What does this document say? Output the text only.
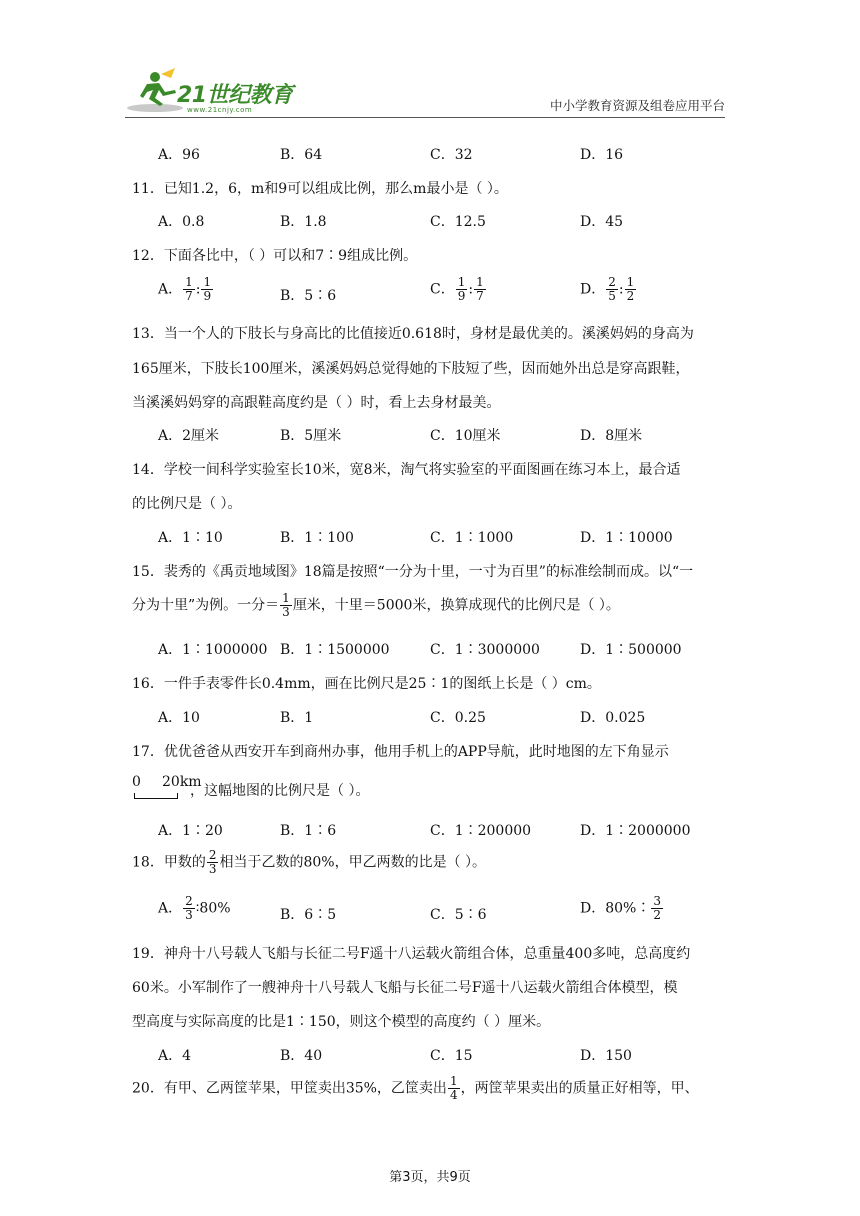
21世纪教育
www.21cnjy.com	中小学教育资源及组卷应用平台
A．96	B．64	C．32	D．16
11．已知1.2，6，m和9可以组成比例，那么m最小是（ ）。
A．0.8	B．1.8	C．12.5	D．45
12．下面各比中，（ ）可以和7∶9组成比例。
A． $\frac{1}{7}$ : $\frac{1}{9}$	B．5∶6	C． $\frac{1}{9}$ : $\frac{1}{7}$	D． $\frac{2}{5}$ : $\frac{1}{2}$
13．当一个人的下肢长与身高比的比值接近0.618时，身材是最优美的。溪溪妈妈的身高为
165厘米，下肢长100厘米，溪溪妈妈总觉得她的下肢短了些，因而她外出总是穿高跟鞋，
当溪溪妈妈穿的高跟鞋高度约是（ ）时，看上去身材最美。
A．2厘米	B．5厘米	C．10厘米	D．8厘米
14．学校一间科学实验室长10米，宽8米，淘气将实验室的平面图画在练习本上，最合适
的比例尺是（ ）。
A．1∶10	B．1∶100	C．1∶1000	D．1∶10000
15．裴秀的《禹贡地域图》18篇是按照“一分为十里，一寸为百里”的标准绘制而成。以“一
分为十里”为例。一分＝ $\frac{1}{3}$ 厘米，十里＝5000米，换算成现代的比例尺是（ ）。
A．1∶1000000 B．1∶1500000	C．1∶3000000	D．1∶500000
16．一件手表零件长0.4mm，画在比例尺是25∶1的图纸上长是（ ）cm。
A．10	B．1	C．0.25	D．0.025
17．优优爸爸从西安开车到商州办事，他用手机上的APP导航，此时地图的左下角显示
0 20km
，这幅地图的比例尺是（ ）。
A．1∶20	B．1∶6	C．1∶200000	D．1∶2000000
18．甲数的 $\frac{2}{3}$ 相当于乙数的80%，甲乙两数的比是（ ）。
A． $\frac{2}{3}$ ∶80%	B．6∶5	C．5∶6	D．80%∶ $\frac{3}{2}$
19．神舟十八号载人飞船与长征二号F遥十八运载火箭组合体，总重量400多吨，总高度约
60米。小军制作了一艘神舟十八号载人飞船与长征二号F遥十八运载火箭组合体模型，模
型高度与实际高度的比是1∶150，则这个模型的高度约（ ）厘米。
A．4	B．40	C．15	D．150
20．有甲、乙两筐苹果，甲筐卖出35%，乙筐卖出 $\frac{1}{4}$ ，两筐苹果卖出的质量正好相等，甲、
第3页，共9页
